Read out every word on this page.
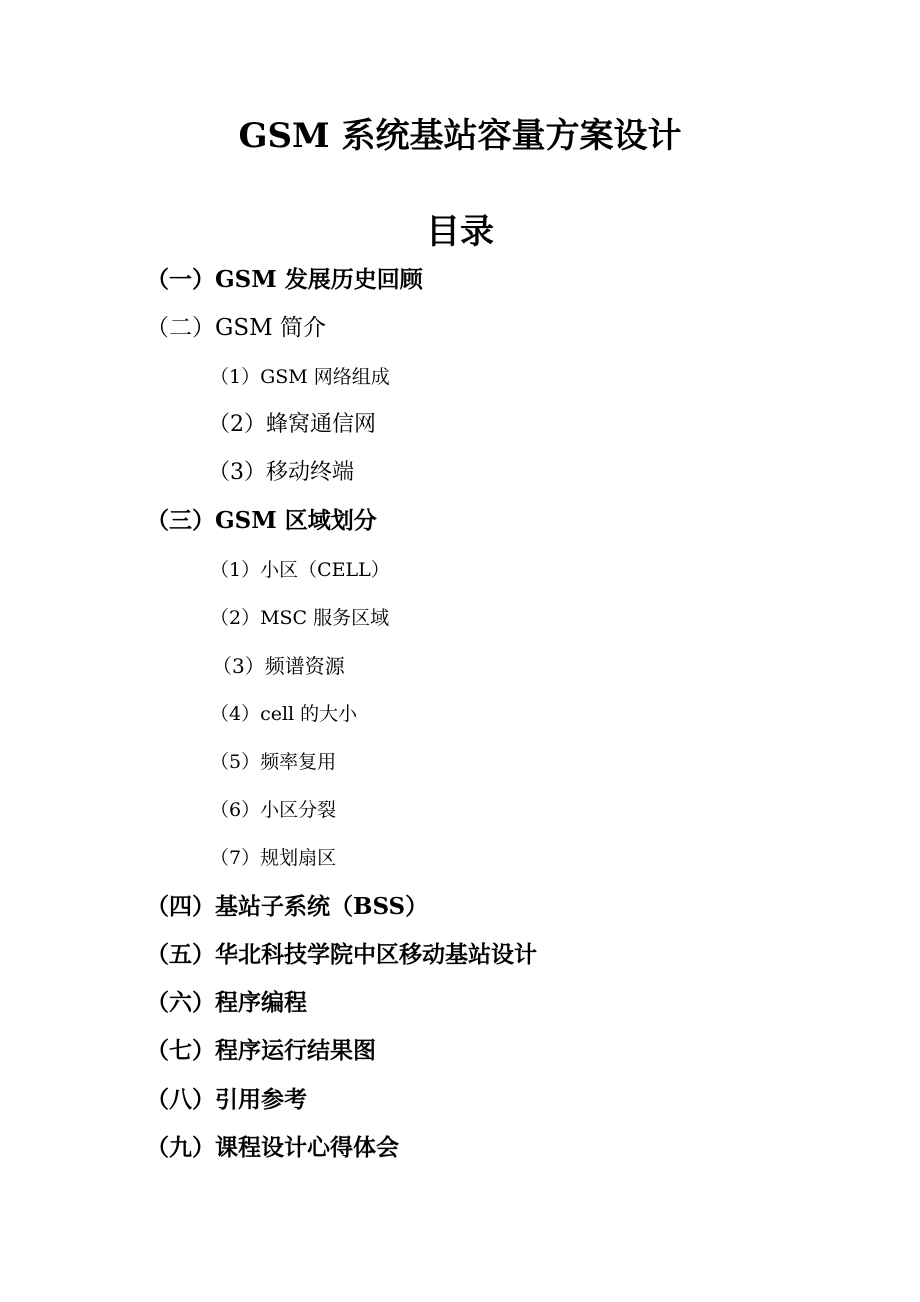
GSM 系统基站容量方案设计
目录
（一）GSM 发展历史回顾
（二）GSM 简介
（1）GSM 网络组成
（2）蜂窝通信网
（3）移动终端
（三）GSM 区域划分
（1）小区（CELL）
（2）MSC 服务区域
（3）频谱资源
（4）cell 的大小
（5）频率复用
（6）小区分裂
（7）规划扇区
（四）基站子系统（BSS）
（五）华北科技学院中区移动基站设计
（六）程序编程
（七）程序运行结果图
（八）引用参考
（九）课程设计心得体会
